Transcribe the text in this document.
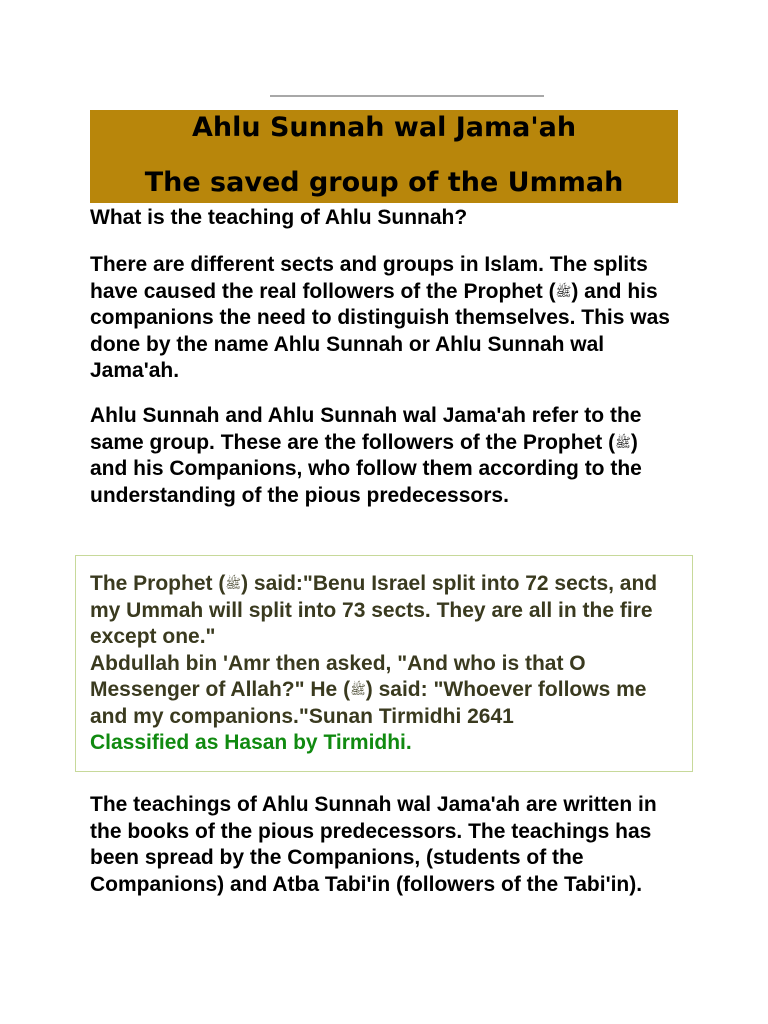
Ahlu Sunnah wal Jama'ah
The saved group of the Ummah
What is the teaching of Ahlu Sunnah?
There are different sects and groups in Islam. The splits have caused the real followers of the Prophet (ﷺ) and his companions the need to distinguish themselves. This was done by the name Ahlu Sunnah or Ahlu Sunnah wal Jama'ah.
Ahlu Sunnah and Ahlu Sunnah wal Jama'ah refer to the same group. These are the followers of the Prophet (ﷺ) and his Companions, who follow them according to the understanding of the pious predecessors.
The Prophet (ﷺ) said:"Benu Israel split into 72 sects, and my Ummah will split into 73 sects. They are all in the fire except one."
Abdullah bin 'Amr then asked, "And who is that O Messenger of Allah?" He (ﷺ) said: "Whoever follows me and my companions."Sunan Tirmidhi 2641
Classified as Hasan by Tirmidhi.
The teachings of Ahlu Sunnah wal Jama'ah are written in the books of the pious predecessors. The teachings has been spread by the Companions, (students of the Companions) and Atba Tabi'in (followers of the Tabi'in).
